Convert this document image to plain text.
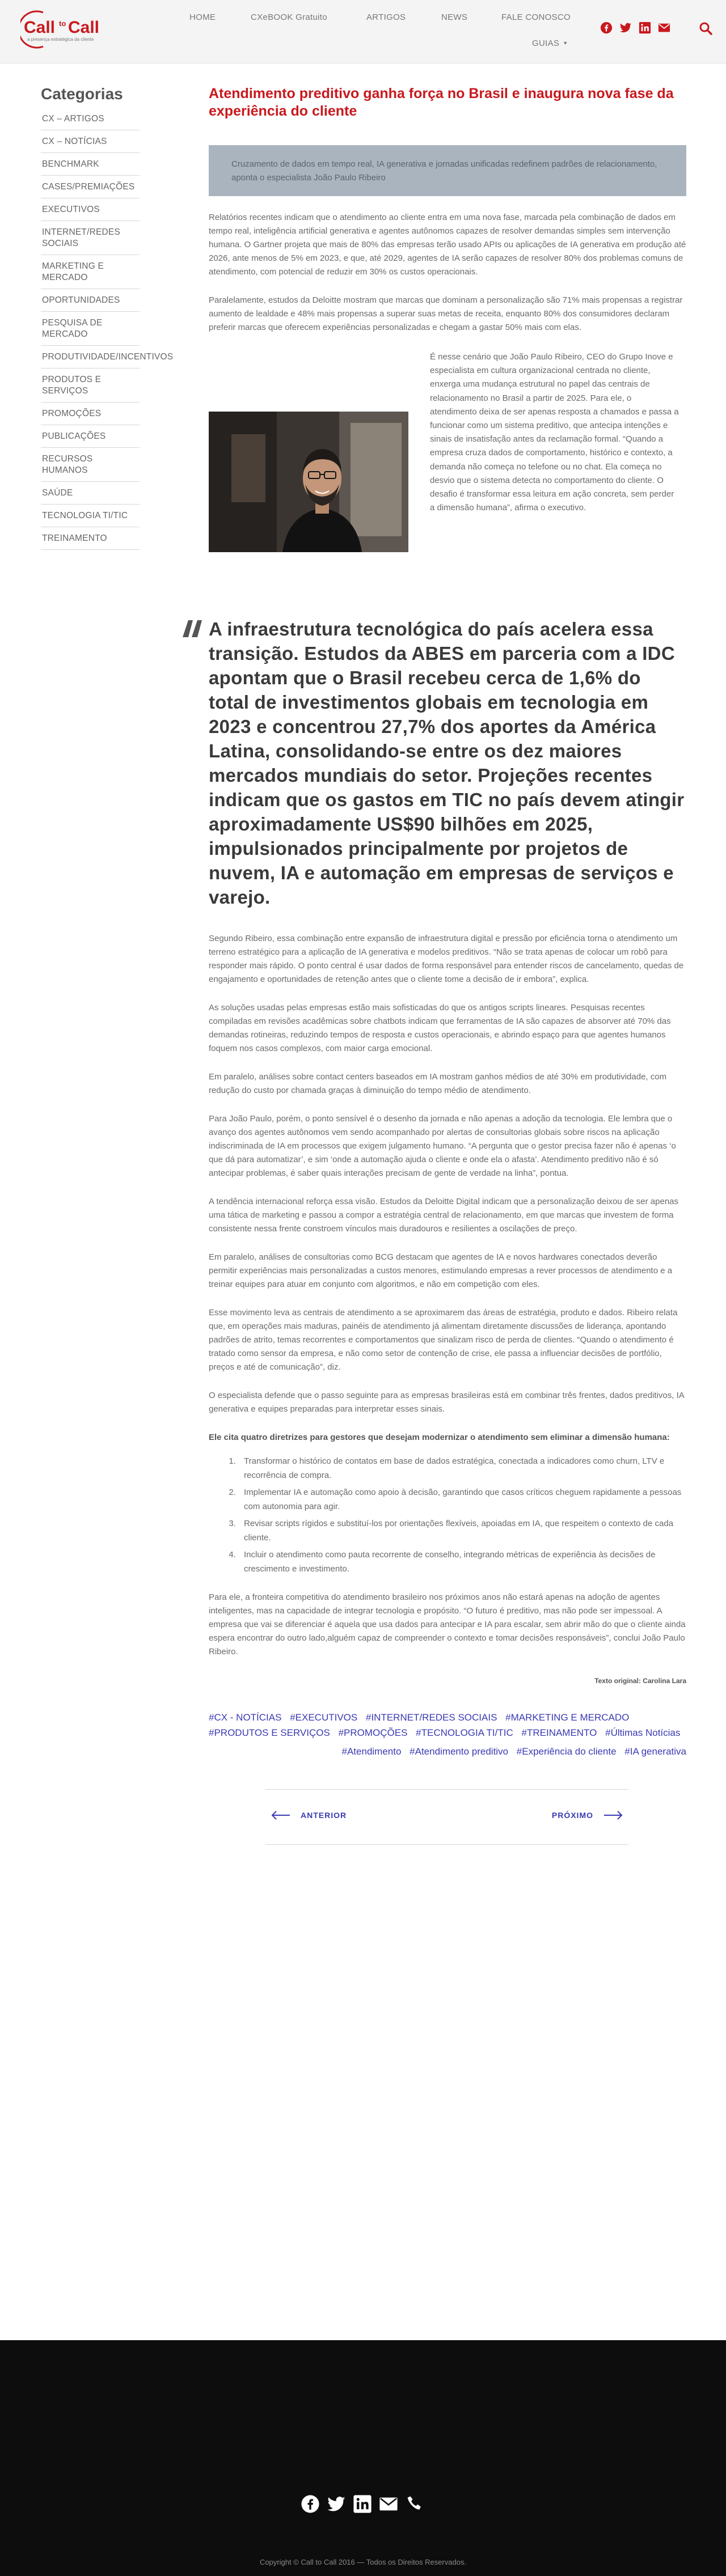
Call to Call
a presença estratégica da cliente
HOME	CXeBOOK Gratuito	ARTIGOS	NEWS	FALE CONOSCO
GUIAS ▼
Categorias
CX – ARTIGOS
CX – NOTÍCIAS
BENCHMARK
CASES/PREMIAÇÕES
EXECUTIVOS
INTERNET/REDES SOCIAIS
MARKETING E MERCADO
OPORTUNIDADES
PESQUISA DE MERCADO
PRODUTIVIDADE/INCENTIVOS
PRODUTOS E SERVIÇOS
PROMOÇÕES
PUBLICAÇÕES
RECURSOS HUMANOS
SAÚDE
TECNOLOGIA TI/TIC
TREINAMENTO
Atendimento preditivo ganha força no Brasil e inaugura nova fase da experiência do cliente

Cruzamento de dados em tempo real, IA generativa e jornadas unificadas redefinem padrões de relacionamento, aponta o especialista João Paulo Ribeiro

Relatórios recentes indicam que o atendimento ao cliente entra em uma nova fase, marcada pela combinação de dados em tempo real, inteligência artificial generativa e agentes autônomos capazes de resolver demandas simples sem intervenção humana. O Gartner projeta que mais de 80% das empresas terão usado APIs ou aplicações de IA generativa em produção até 2026, ante menos de 5% em 2023, e que, até 2029, agentes de IA serão capazes de resolver 80% dos problemas comuns de atendimento, com potencial de reduzir em 30% os custos operacionais.

Paralelamente, estudos da Deloitte mostram que marcas que dominam a personalização são 71% mais propensas a registrar aumento de lealdade e 48% mais propensas a superar suas metas de receita, enquanto 80% dos consumidores declaram preferir marcas que oferecem experiências personalizadas e chegam a gastar 50% mais com elas.

É nesse cenário que João Paulo Ribeiro, CEO do Grupo Inove e especialista em cultura organizacional centrada no cliente, enxerga uma mudança estrutural no papel das centrais de relacionamento no Brasil a partir de 2025. Para ele, o atendimento deixa de ser apenas resposta a chamados e passa a funcionar como um sistema preditivo, que antecipa intenções e sinais de insatisfação antes da reclamação formal. “Quando a empresa cruza dados de comportamento, histórico e contexto, a demanda não começa no telefone ou no chat. Ela começa no desvio que o sistema detecta no comportamento do cliente. O desafio é transformar essa leitura em ação concreta, sem perder a dimensão humana”, afirma o executivo.

A infraestrutura tecnológica do país acelera essa transição. Estudos da ABES em parceria com a IDC apontam que o Brasil recebeu cerca de 1,6% do total de investimentos globais em tecnologia em 2023 e concentrou 27,7% dos aportes da América Latina, consolidando-se entre os dez maiores mercados mundiais do setor. Projeções recentes indicam que os gastos em TIC no país devem atingir aproximadamente US$90 bilhões em 2025, impulsionados principalmente por projetos de nuvem, IA e automação em empresas de serviços e varejo.

Segundo Ribeiro, essa combinação entre expansão de infraestrutura digital e pressão por eficiência torna o atendimento um terreno estratégico para a aplicação de IA generativa e modelos preditivos. “Não se trata apenas de colocar um robô para responder mais rápido. O ponto central é usar dados de forma responsável para entender riscos de cancelamento, quedas de engajamento e oportunidades de retenção antes que o cliente tome a decisão de ir embora”, explica.

As soluções usadas pelas empresas estão mais sofisticadas do que os antigos scripts lineares. Pesquisas recentes compiladas em revisões acadêmicas sobre chatbots indicam que ferramentas de IA são capazes de absorver até 70% das demandas rotineiras, reduzindo tempos de resposta e custos operacionais, e abrindo espaço para que agentes humanos foquem nos casos complexos, com maior carga emocional.

Em paralelo, análises sobre contact centers baseados em IA mostram ganhos médios de até 30% em produtividade, com redução do custo por chamada graças à diminuição do tempo médio de atendimento.

Para João Paulo, porém, o ponto sensível é o desenho da jornada e não apenas a adoção da tecnologia. Ele lembra que o avanço dos agentes autônomos vem sendo acompanhado por alertas de consultorias globais sobre riscos na aplicação indiscriminada de IA em processos que exigem julgamento humano. “A pergunta que o gestor precisa fazer não é apenas ‘o que dá para automatizar’, e sim ‘onde a automação ajuda o cliente e onde ela o afasta’. Atendimento preditivo não é só antecipar problemas, é saber quais interações precisam de gente de verdade na linha”, pontua.

A tendência internacional reforça essa visão. Estudos da Deloitte Digital indicam que a personalização deixou de ser apenas uma tática de marketing e passou a compor a estratégia central de relacionamento, em que marcas que investem de forma consistente nessa frente constroem vínculos mais duradouros e resilientes a oscilações de preço.

Em paralelo, análises de consultorias como BCG destacam que agentes de IA e novos hardwares conectados deverão permitir experiências mais personalizadas a custos menores, estimulando empresas a rever processos de atendimento e a treinar equipes para atuar em conjunto com algoritmos, e não em competição com eles.

Esse movimento leva as centrais de atendimento a se aproximarem das áreas de estratégia, produto e dados. Ribeiro relata que, em operações mais maduras, painéis de atendimento já alimentam diretamente discussões de liderança, apontando padrões de atrito, temas recorrentes e comportamentos que sinalizam risco de perda de clientes. “Quando o atendimento é tratado como sensor da empresa, e não como setor de contenção de crise, ele passa a influenciar decisões de portfólio, preços e até de comunicação”, diz.

O especialista defende que o passo seguinte para as empresas brasileiras está em combinar três frentes, dados preditivos, IA generativa e equipes preparadas para interpretar esses sinais.

Ele cita quatro diretrizes para gestores que desejam modernizar o atendimento sem eliminar a dimensão humana:

1. Transformar o histórico de contatos em base de dados estratégica, conectada a indicadores como churn, LTV e recorrência de compra.
2. Implementar IA e automação como apoio à decisão, garantindo que casos críticos cheguem rapidamente a pessoas com autonomia para agir.
3. Revisar scripts rígidos e substituí-los por orientações flexíveis, apoiadas em IA, que respeitem o contexto de cada cliente.
4. Incluir o atendimento como pauta recorrente de conselho, integrando métricas de experiência às decisões de crescimento e investimento.

Para ele, a fronteira competitiva do atendimento brasileiro nos próximos anos não estará apenas na adoção de agentes inteligentes, mas na capacidade de integrar tecnologia e propósito. “O futuro é preditivo, mas não pode ser impessoal. A empresa que vai se diferenciar é aquela que usa dados para antecipar e IA para escalar, sem abrir mão do que o cliente ainda espera encontrar do outro lado,alguém capaz de compreender o contexto e tomar decisões responsáveis”, conclui João Paulo Ribeiro.

Texto original: Carolina Lara

#CX - NOTÍCIAS #EXECUTIVOS #INTERNET/REDES SOCIAIS #MARKETING E MERCADO #PRODUTOS E SERVIÇOS #PROMOÇÕES #TECNOLOGIA TI/TIC #TREINAMENTO #Últimas Notícias
#Atendimento #Atendimento preditivo #Experiência do cliente #IA generativa
ANTERIOR	PRÓXIMO

Copyright © Call to Call 2016 — Todos os Direitos Reservados.
